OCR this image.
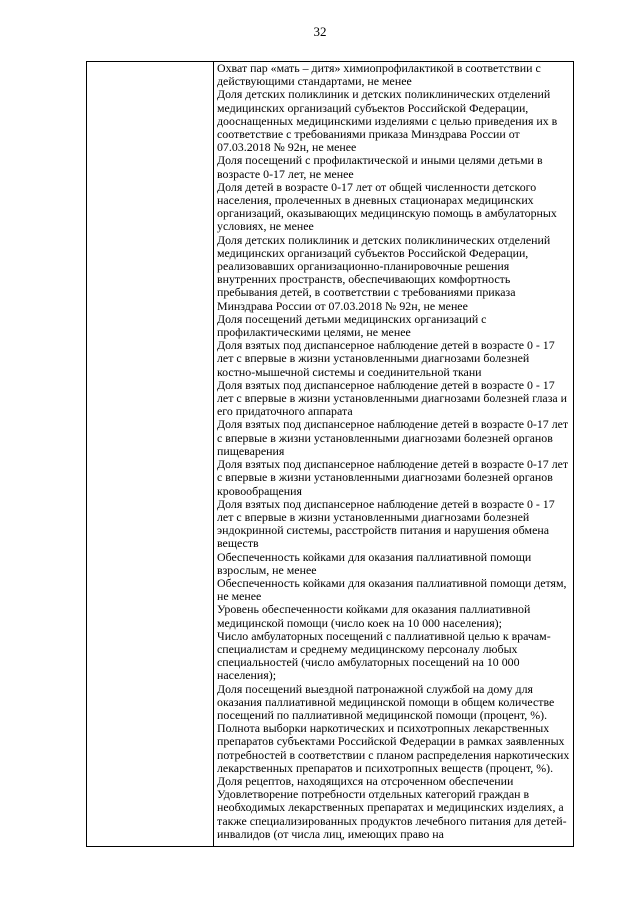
32

Охват пар «мать – дитя» химиопрофилактикой в соответствии с действующими стандартами, не менее
Доля детских поликлиник и детских поликлинических отделений медицинских организаций субъектов Российской Федерации, дооснащенных медицинскими изделиями с целью приведения их в соответствие с требованиями приказа Минздрава России от 07.03.2018 № 92н, не менее
Доля посещений с профилактической и иными целями детьми в возрасте 0-17 лет, не менее
Доля детей в возрасте 0-17 лет от общей численности детского населения, пролеченных в дневных стационарах медицинских организаций, оказывающих медицинскую помощь в амбулаторных условиях, не менее
Доля детских поликлиник и детских поликлинических отделений медицинских организаций субъектов Российской Федерации, реализовавших организационно-планировочные решения внутренних пространств, обеспечивающих комфортность пребывания детей, в соответствии с требованиями приказа Минздрава России от 07.03.2018 № 92н, не менее
Доля посещений детьми медицинских организаций с профилактическими целями, не менее
Доля взятых под диспансерное наблюдение детей в возрасте 0 - 17 лет с впервые в жизни установленными диагнозами болезней костно-мышечной системы и соединительной ткани
Доля взятых под диспансерное наблюдение детей в возрасте 0 - 17 лет с впервые в жизни установленными диагнозами болезней глаза и его придаточного аппарата
Доля взятых под диспансерное наблюдение детей в возрасте 0-17 лет с впервые в жизни установленными диагнозами болезней органов пищеварения
Доля взятых под диспансерное наблюдение детей в возрасте 0-17 лет с впервые в жизни установленными диагнозами болезней органов кровообращения
Доля взятых под диспансерное наблюдение детей в возрасте 0 - 17 лет с впервые в жизни установленными диагнозами болезней эндокринной системы, расстройств питания и нарушения обмена веществ
Обеспеченность койками для оказания паллиативной помощи взрослым, не менее
Обеспеченность койками для оказания паллиативной помощи детям, не менее
Уровень обеспеченности койками для оказания паллиативной медицинской помощи (число коек на 10 000 населения);
Число амбулаторных посещений с паллиативной целью к врачам-специалистам и среднему медицинскому персоналу любых специальностей (число амбулаторных посещений на 10 000 населения);
Доля посещений выездной патронажной службой на дому для оказания паллиативной медицинской помощи в общем количестве посещений по паллиативной медицинской помощи (процент, %).
Полнота выборки наркотических и психотропных лекарственных препаратов субъектами Российской Федерации в рамках заявленных потребностей в соответствии с планом распределения наркотических лекарственных препаратов и психотропных веществ (процент, %).
Доля рецептов, находящихся на отсроченном обеспечении
Удовлетворение потребности отдельных категорий граждан в необходимых лекарственных препаратах и медицинских изделиях, а также специализированных продуктов лечебного питания для детей-инвалидов (от числа лиц, имеющих право на
